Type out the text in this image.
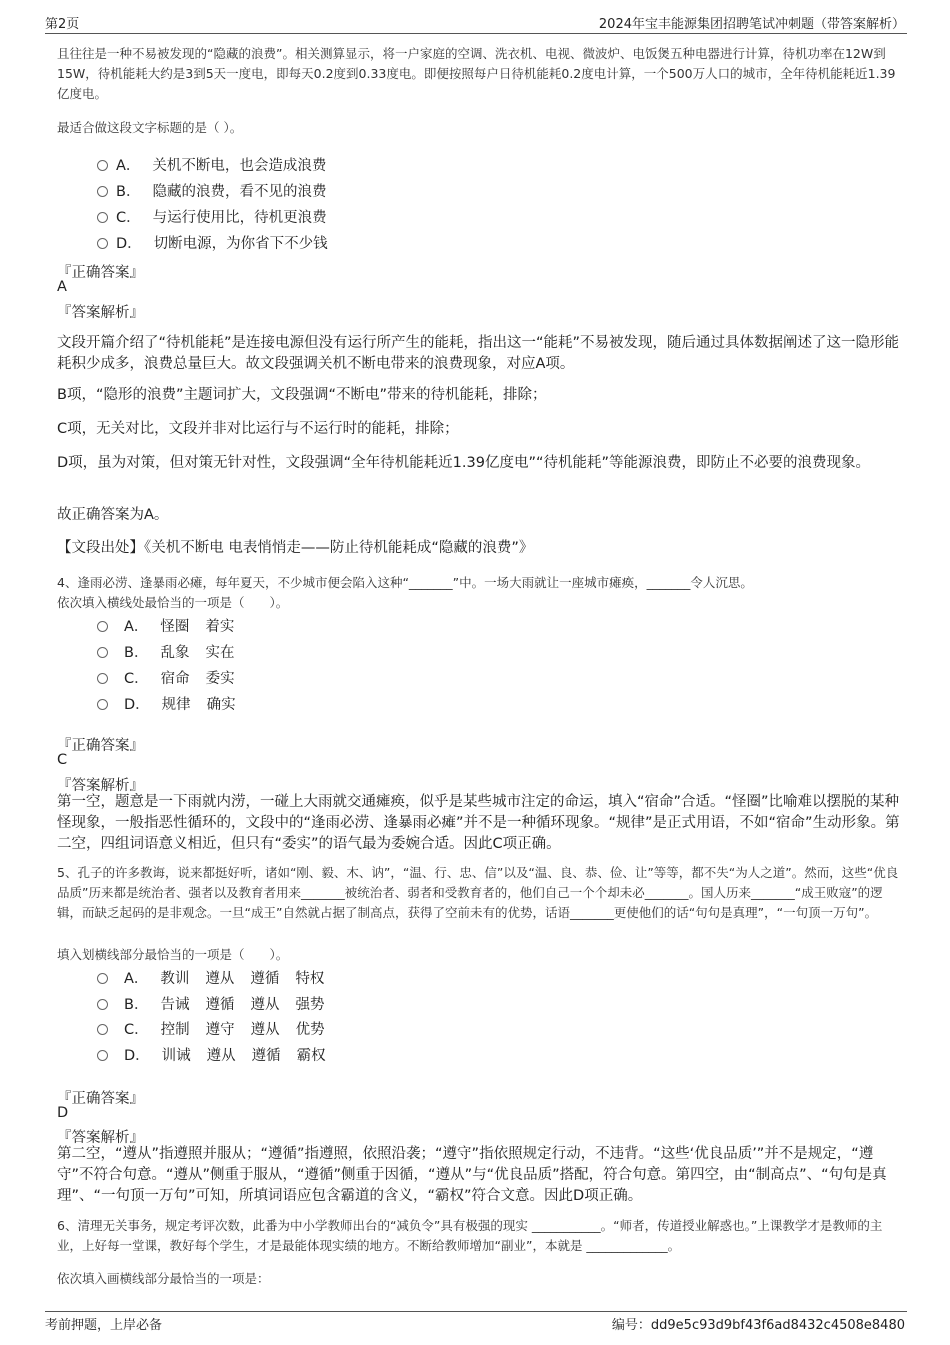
第2页	2024年宝丰能源集团招聘笔试冲刺题（带答案解析）
且往往是一种不易被发现的“隐藏的浪费”。相关测算显示，将一户家庭的空调、洗衣机、电视、微波炉、电饭煲五种电器进行计算，待机功率在12W到15W，待机能耗大约是3到5天一度电，即每天0.2度到0.33度电。即便按照每户日待机能耗0.2度电计算，一个500万人口的城市，全年待机能耗近1.39亿度电。
最适合做这段文字标题的是（ ）。
A． 关机不断电，也会造成浪费
B． 隐藏的浪费，看不见的浪费
C． 与运行使用比，待机更浪费
D． 切断电源，为你省下不少钱
『正确答案』
A
『答案解析』
文段开篇介绍了“待机能耗”是连接电源但没有运行所产生的能耗，指出这一“能耗”不易被发现，随后通过具体数据阐述了这一隐形能耗积少成多，浪费总量巨大。故文段强调关机不断电带来的浪费现象，对应A项。
B项，“隐形的浪费”主题词扩大，文段强调“不断电”带来的待机能耗，排除；
C项，无关对比，文段并非对比运行与不运行时的能耗，排除；
D项，虽为对策，但对策无针对性，文段强调“全年待机能耗近1.39亿度电”“待机能耗”等能源浪费，即防止不必要的浪费现象。
故正确答案为A。
【文段出处】《关机不断电 电表悄悄走——防止待机能耗成“隐藏的浪费”》
4、逢雨必涝、逢暴雨必瘫，每年夏天，不少城市便会陷入这种“_______”中。一场大雨就让一座城市瘫痪，_______令人沉思。
依次填入横线处最恰当的一项是（　　）。
A． 怪圈 着实
B． 乱象 实在
C． 宿命 委实
D． 规律 确实
『正确答案』
C
『答案解析』
第一空，题意是一下雨就内涝，一碰上大雨就交通瘫痪，似乎是某些城市注定的命运，填入“宿命”合适。“怪圈”比喻难以摆脱的某种怪现象，一般指恶性循环的，文段中的“逢雨必涝、逢暴雨必瘫”并不是一种循环现象。“规律”是正式用语，不如“宿命”生动形象。第二空，四组词语意义相近，但只有“委实”的语气最为委婉合适。因此C项正确。
5、孔子的许多教诲，说来都挺好听，诸如“刚、毅、木、讷”，“温、行、忠、信”以及“温、良、恭、俭、让”等等，都不失“为人之道”。然而，这些“优良品质”历来都是统治者、强者以及教育者用来_______被统治者、弱者和受教育者的，他们自己一个个却未必_______。国人历来_______“成王败寇”的逻辑，而缺乏起码的是非观念。一旦“成王”自然就占据了制高点，获得了空前未有的优势，话语_______更使他们的话“句句是真理”，“一句顶一万句”。
填入划横线部分最恰当的一项是（　　）。
A． 教训 遵从 遵循 特权
B． 告诫 遵循 遵从 强势
C． 控制 遵守 遵从 优势
D． 训诫 遵从 遵循 霸权
『正确答案』
D
『答案解析』
第二空，“遵从”指遵照并服从；“遵循”指遵照，依照沿袭；“遵守”指依照规定行动，不违背。“这些‘优良品质’”并不是规定，“遵守”不符合句意。“遵从”侧重于服从，“遵循”侧重于因循，“遵从”与“优良品质”搭配，符合句意。第四空，由“制高点”、“句句是真理”、“一句顶一万句”可知，所填词语应包含霸道的含义，“霸权”符合文意。因此D项正确。
6、清理无关事务，规定考评次数，此番为中小学教师出台的“减负令”具有极强的现实 ___________。“师者，传道授业解惑也。”上课教学才是教师的主业，上好每一堂课，教好每个学生，才是最能体现实绩的地方。不断给教师增加“副业”，本就是 _____________。
依次填入画横线部分最恰当的一项是：
考前押题，上岸必备	编号：dd9e5c93d9bf43f6ad8432c4508e8480
